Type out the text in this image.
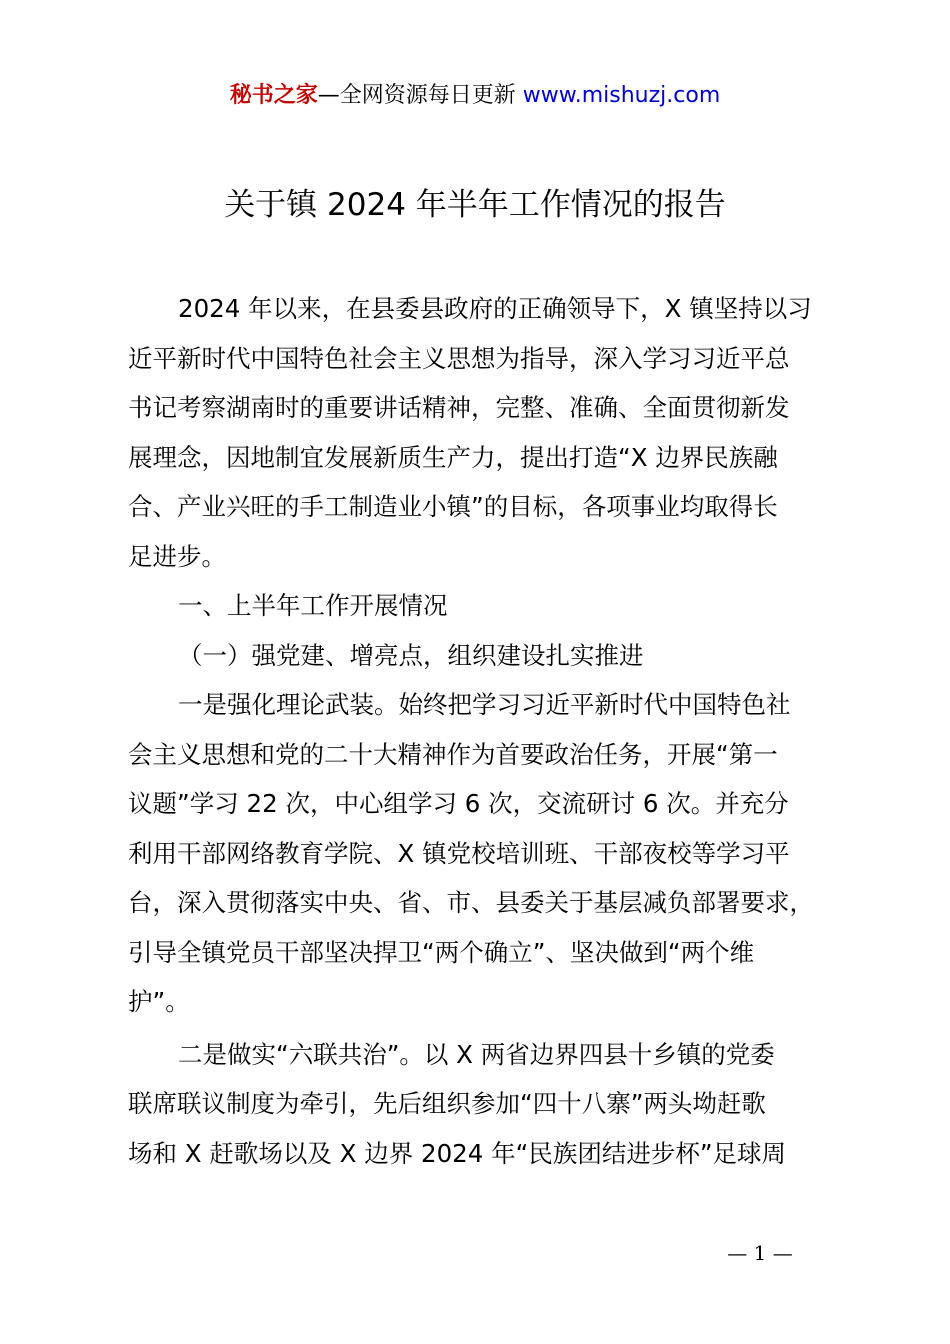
秘书之家—全网资源每日更新 www.mishuzj.com
关于镇 2024 年半年工作情况的报告
2024 年以来，在县委县政府的正确领导下，X 镇坚持以习
近平新时代中国特色社会主义思想为指导，深入学习习近平总
书记考察湖南时的重要讲话精神，完整、准确、全面贯彻新发
展理念，因地制宜发展新质生产力，提出打造“X 边界民族融
合、产业兴旺的手工制造业小镇”的目标，各项事业均取得长
足进步。
一、上半年工作开展情况
（一）强党建、增亮点，组织建设扎实推进
一是强化理论武装。始终把学习习近平新时代中国特色社
会主义思想和党的二十大精神作为首要政治任务，开展“第一
议题”学习 22 次，中心组学习 6 次，交流研讨 6 次。并充分
利用干部网络教育学院、X 镇党校培训班、干部夜校等学习平
台，深入贯彻落实中央、省、市、县委关于基层减负部署要求，
引导全镇党员干部坚决捍卫“两个确立”、坚决做到“两个维
护”。
二是做实“六联共治”。以 X 两省边界四县十乡镇的党委
联席联议制度为牵引，先后组织参加“四十八寨”两头坳赶歌
场和 X 赶歌场以及 X 边界 2024 年“民族团结进步杯”足球周
— 1 —
